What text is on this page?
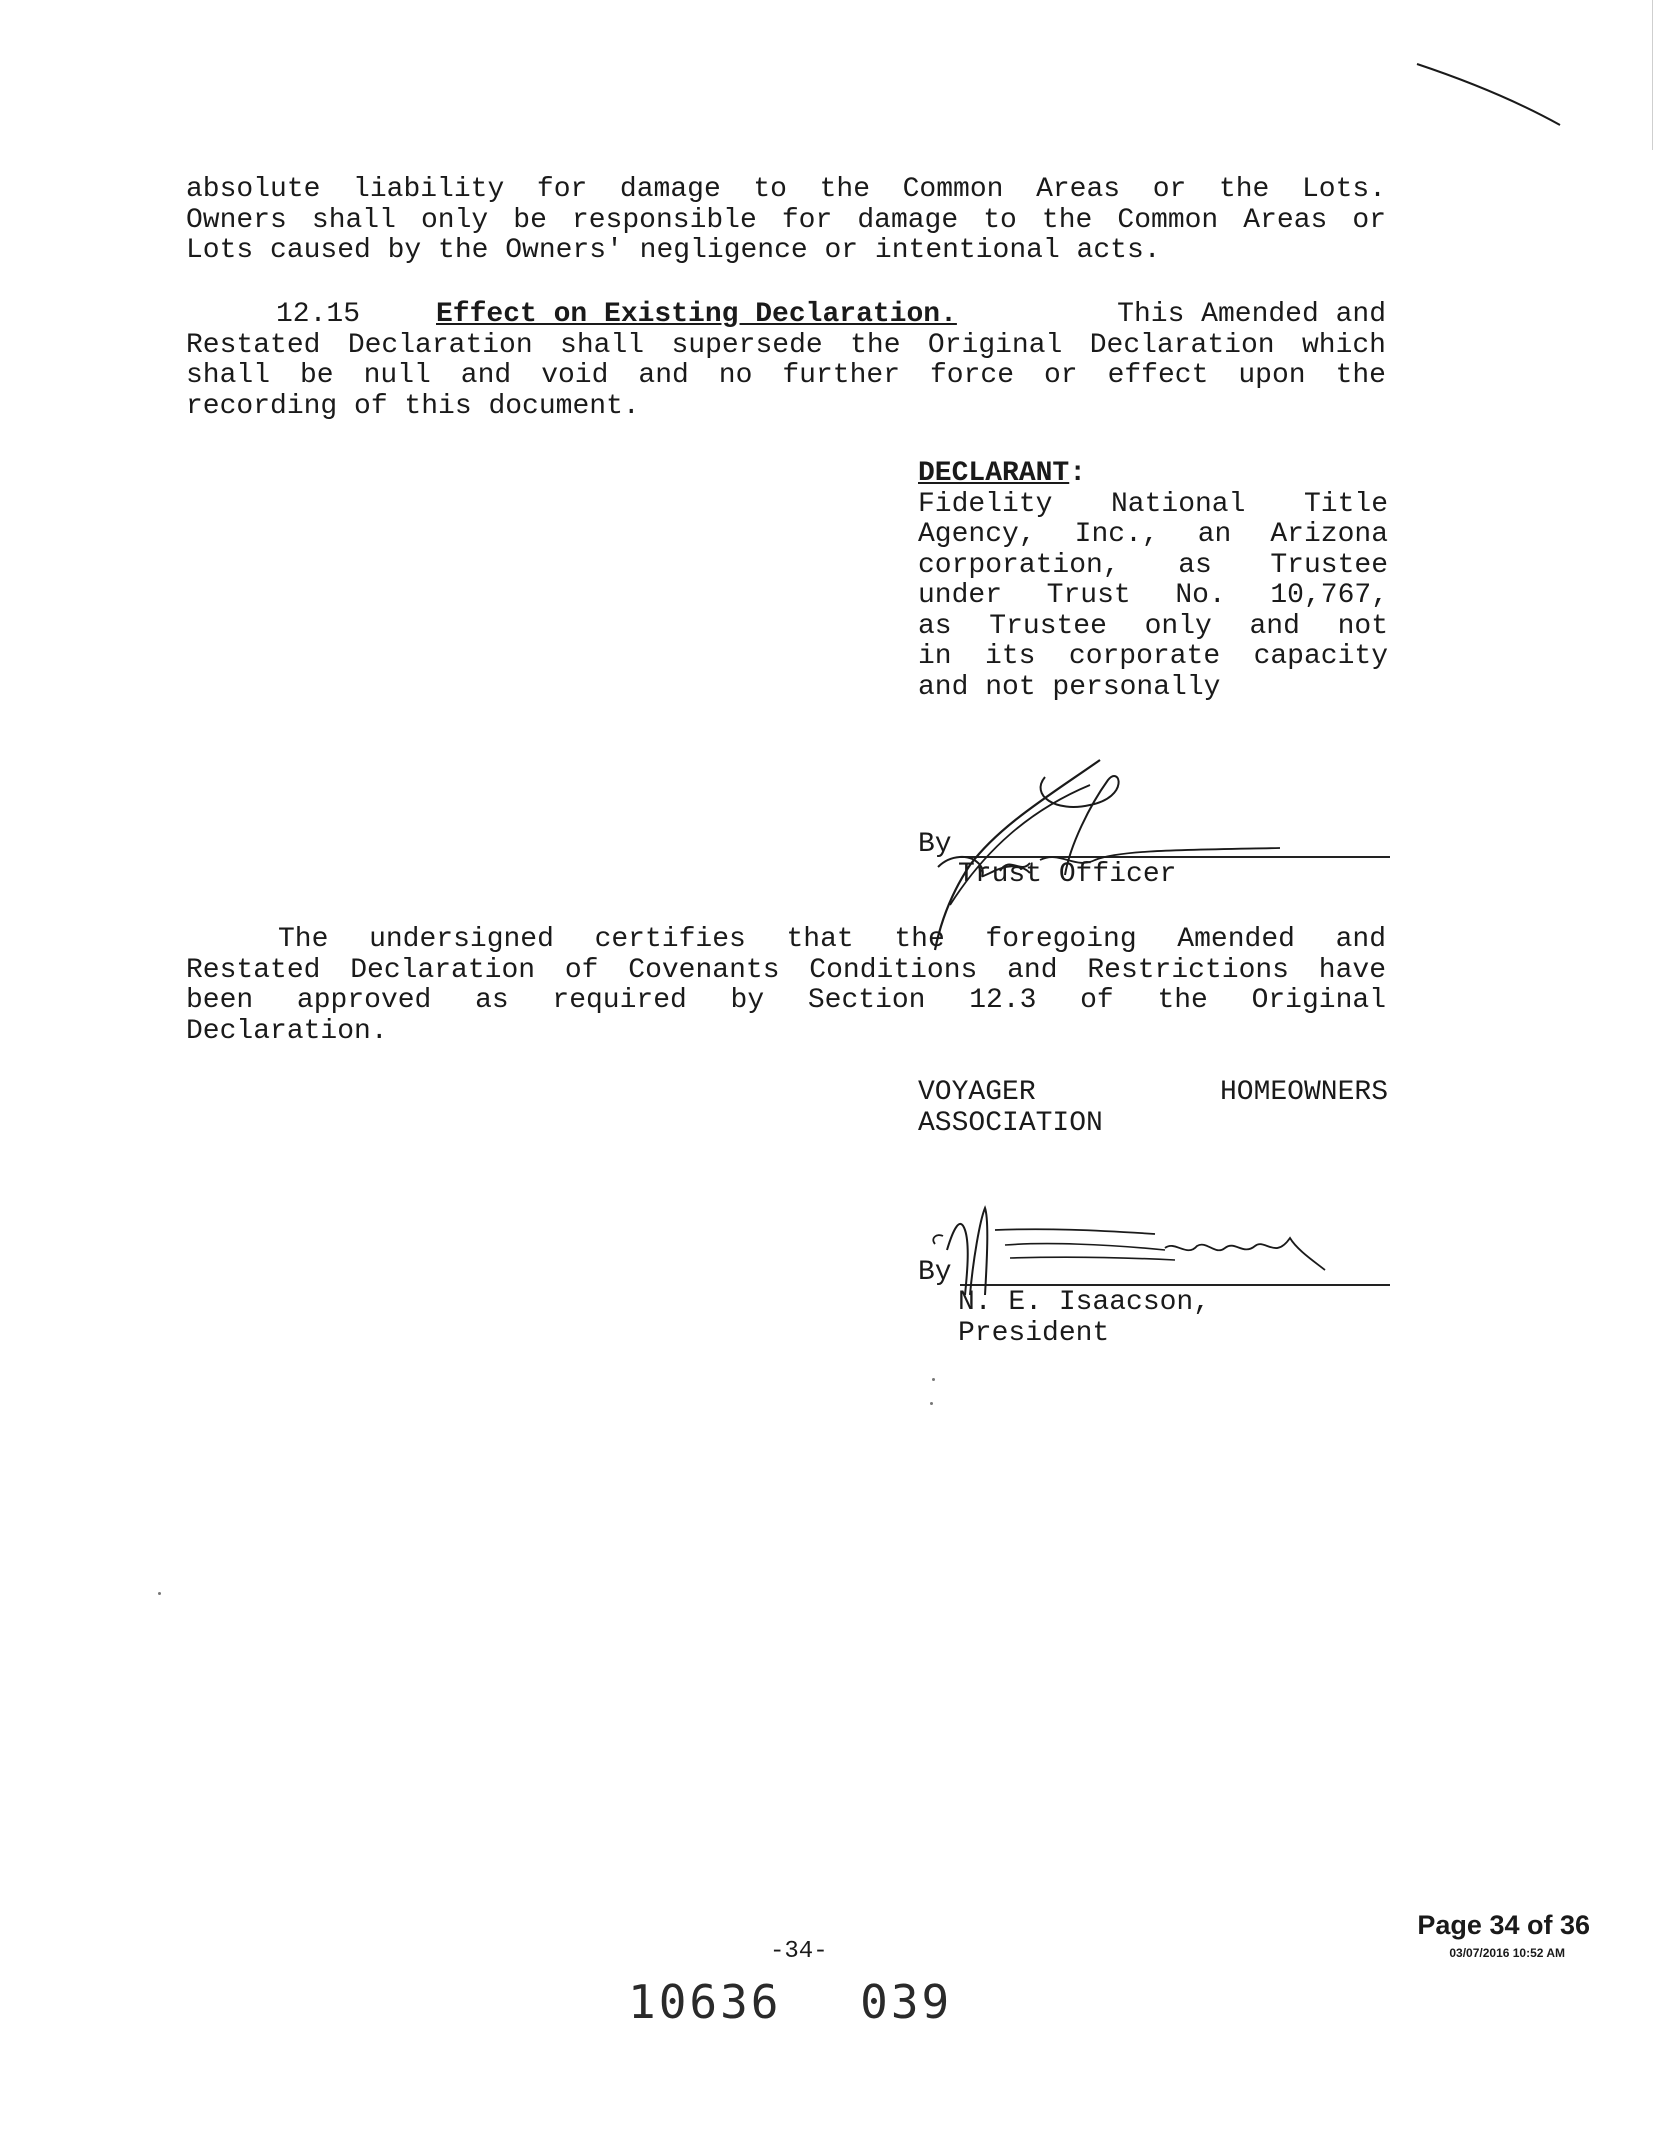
absolute liability for damage to the Common Areas or the Lots.
Owners shall only be responsible for damage to the Common Areas or
Lots caused by the Owners' negligence or intentional acts.
12.15	Effect on Existing Declaration.	This Amended and
Restated Declaration shall supersede the Original Declaration which
shall be null and void and no further force or effect upon the
recording of this document.
DECLARANT:
Fidelity National Title
Agency, Inc., an Arizona
corporation, as Trustee
under Trust No. 10,767,
as Trustee only and not
in its corporate capacity
and not personally
By
Trust Officer
The undersigned certifies that the foregoing Amended and
Restated Declaration of Covenants Conditions and Restrictions have
been approved as required by Section 12.3 of the Original
Declaration.
VOYAGER HOMEOWNERS
ASSOCIATION
By
N. E. Isaacson,
President
-34-
10636 039
Page 34 of 36
03/07/2016 10:52 AM
